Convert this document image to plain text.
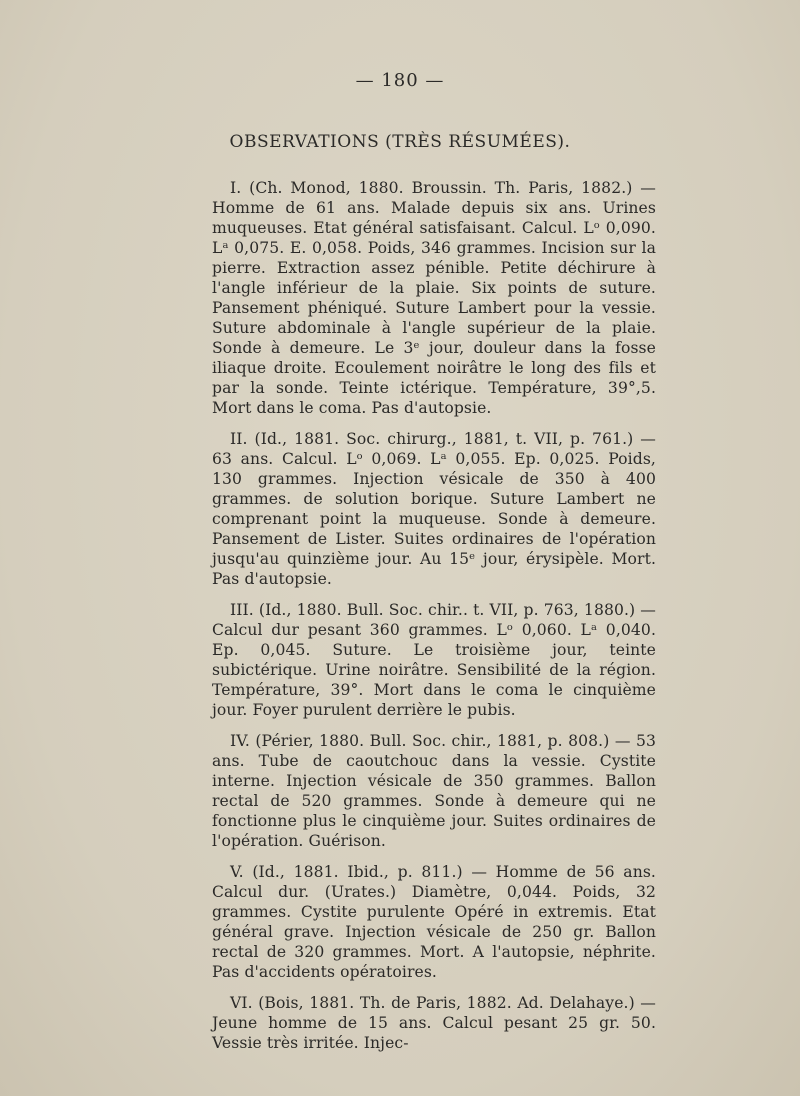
— 180 —
OBSERVATIONS (TRÈS RÉSUMÉES).

I. (Ch. Monod, 1880. Broussin. Th. Paris, 1882.) — Homme de 61 ans. Malade depuis six ans. Urines muqueuses. Etat général satisfaisant. Calcul. Lᵒ 0,090. Lᵃ 0,075. E. 0,058. Poids, 346 grammes. Incision sur la pierre. Extraction assez pénible. Petite déchirure à l'angle inférieur de la plaie. Six points de suture. Pansement phéniqué. Suture Lambert pour la vessie. Suture abdominale à l'angle supérieur de la plaie. Sonde à demeure. Le 3ᵉ jour, douleur dans la fosse iliaque droite. Ecoulement noirâtre le long des fils et par la sonde. Teinte ictérique. Température, 39°,5. Mort dans le coma. Pas d'autopsie.

II. (Id., 1881. Soc. chirurg., 1881, t. VII, p. 761.) — 63 ans. Calcul. Lᵒ 0,069. Lᵃ 0,055. Ep. 0,025. Poids, 130 grammes. Injection vésicale de 350 à 400 grammes. de solution borique. Suture Lambert ne comprenant point la muqueuse. Sonde à demeure. Pansement de Lister. Suites ordinaires de l'opération jusqu'au quinzième jour. Au 15ᵉ jour, érysipèle. Mort. Pas d'autopsie.

III. (Id., 1880. Bull. Soc. chir.. t. VII, p. 763, 1880.) — Calcul dur pesant 360 grammes. Lᵒ 0,060. Lᵃ 0,040. Ep. 0,045. Suture. Le troisième jour, teinte subictérique. Urine noirâtre. Sensibilité de la région. Température, 39°. Mort dans le coma le cinquième jour. Foyer purulent derrière le pubis.

IV. (Périer, 1880. Bull. Soc. chir., 1881, p. 808.) — 53 ans. Tube de caoutchouc dans la vessie. Cystite interne. Injection vésicale de 350 grammes. Ballon rectal de 520 grammes. Sonde à demeure qui ne fonctionne plus le cinquième jour. Suites ordinaires de l'opération. Guérison.

V. (Id., 1881. Ibid., p. 811.) — Homme de 56 ans. Calcul dur. (Urates.) Diamètre, 0,044. Poids, 32 grammes. Cystite purulente Opéré in extremis. Etat général grave. Injection vésicale de 250 gr. Ballon rectal de 320 grammes. Mort. A l'autopsie, néphrite. Pas d'accidents opératoires.

VI. (Bois, 1881. Th. de Paris, 1882. Ad. Delahaye.) — Jeune homme de 15 ans. Calcul pesant 25 gr. 50. Vessie très irritée. Injec-
